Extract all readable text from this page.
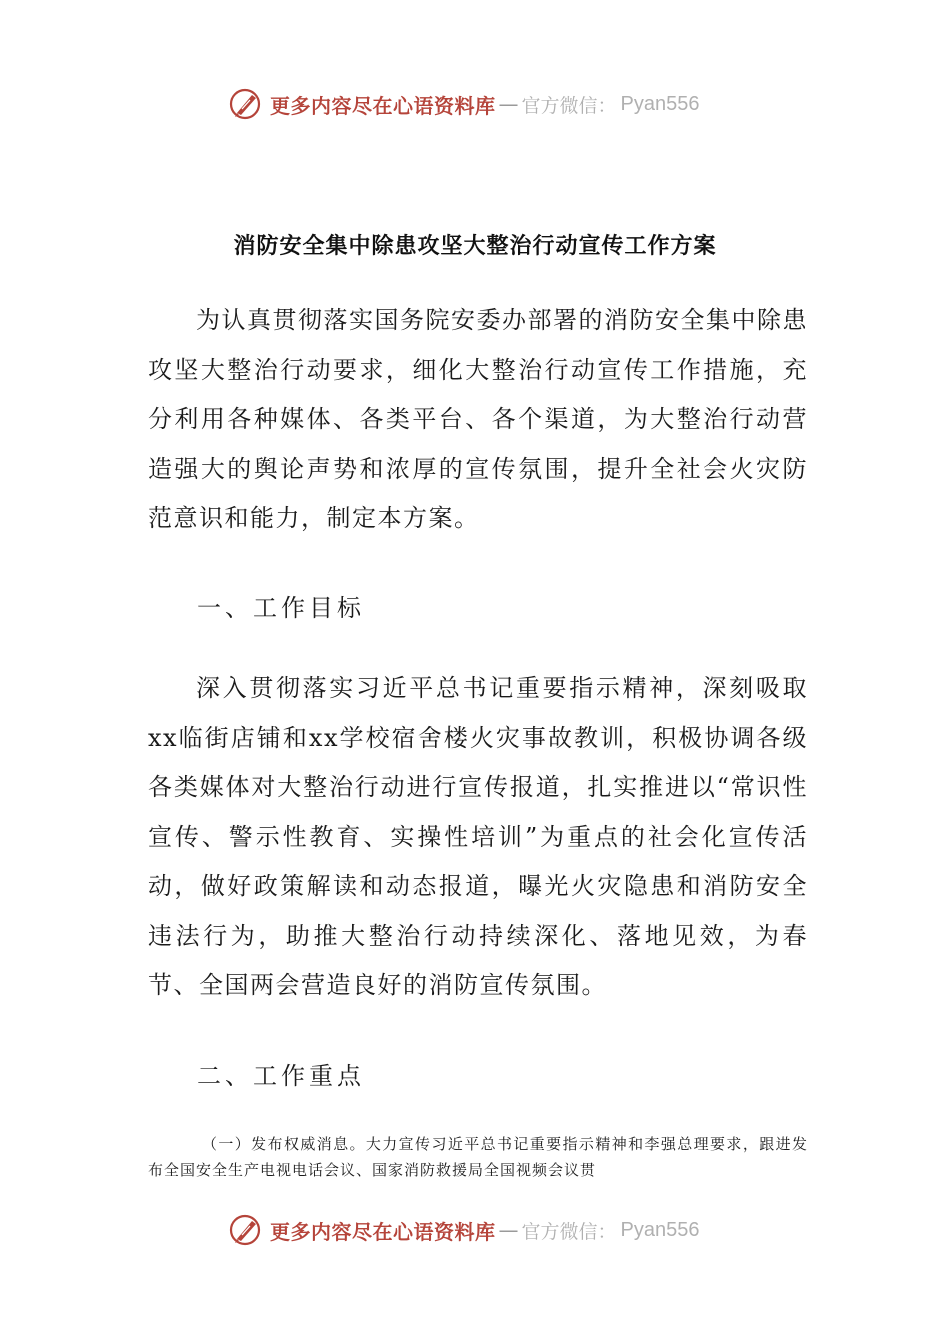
更多内容尽在心语资料库 — 官方微信： Pyan556
消防安全集中除患攻坚大整治行动宣传工作方案

为认真贯彻落实国务院安委办部署的消防安全集中除患攻坚大整治行动要求，细化大整治行动宣传工作措施，充分利用各种媒体、各类平台、各个渠道，为大整治行动营造强大的舆论声势和浓厚的宣传氛围，提升全社会火灾防范意识和能力，制定本方案。

一、工作目标

深入贯彻落实习近平总书记重要指示精神，深刻吸取xx临街店铺和xx学校宿舍楼火灾事故教训，积极协调各级各类媒体对大整治行动进行宣传报道，扎实推进以“常识性宣传、警示性教育、实操性培训”为重点的社会化宣传活动，做好政策解读和动态报道，曝光火灾隐患和消防安全违法行为，助推大整治行动持续深化、落地见效，为春节、全国两会营造良好的消防宣传氛围。

二、工作重点

（一）发布权威消息。大力宣传习近平总书记重要指示精神和李强总理要求，跟进发布全国安全生产电视电话会议、国家消防救援局全国视频会议贯

更多内容尽在心语资料库 — 官方微信： Pyan556
